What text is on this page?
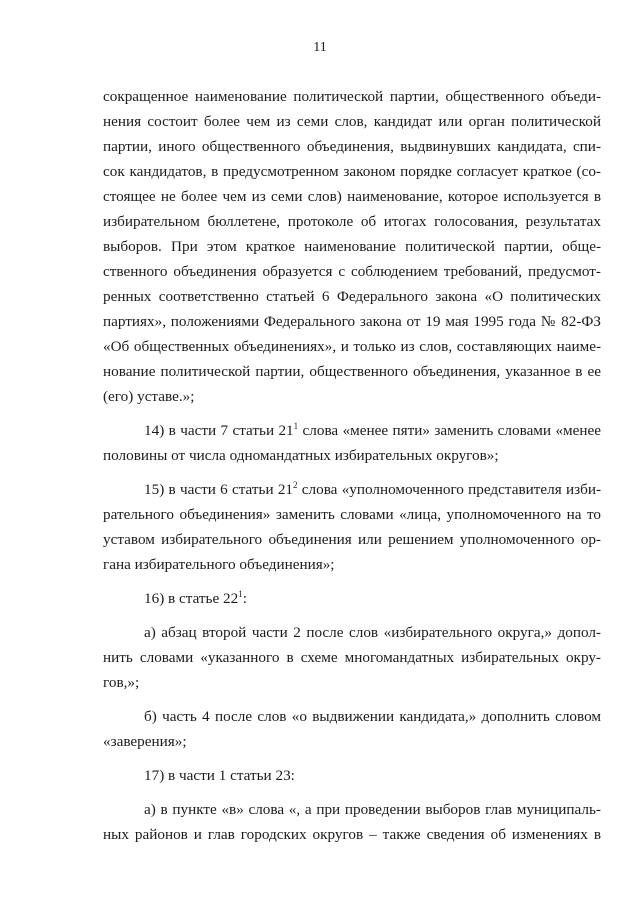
11
сокращенное наименование политической партии, общественного объеди-
нения состоит более чем из семи слов, кандидат или орган политической
партии, иного общественного объединения, выдвинувших кандидата, спи-
сок кандидатов, в предусмотренном законом порядке согласует краткое (со-
стоящее не более чем из семи слов) наименование, которое используется в
избирательном бюллетене, протоколе об итогах голосования, результатах
выборов. При этом краткое наименование политической партии, обще-
ственного объединения образуется с соблюдением требований, предусмот-
ренных соответственно статьей 6 Федерального закона «О политических
партиях», положениями Федерального закона от 19 мая 1995 года № 82-ФЗ
«Об общественных объединениях», и только из слов, составляющих наиме-
нование политической партии, общественного объединения, указанное в ее
(его) уставе.»;
14) в части 7 статьи $21^1$ слова «менее пяти» заменить словами «менее
половины от числа одномандатных избирательных округов»;
15) в части 6 статьи $21^2$ слова «уполномоченного представителя изби-
рательного объединения» заменить словами «лица, уполномоченного на то
уставом избирательного объединения или решением уполномоченного ор-
гана избирательного объединения»;
16) в статье $22^1$:
а) абзац второй части 2 после слов «избирательного округа,» допол-
нить словами «указанного в схеме многомандатных избирательных окру-
гов,»;
б) часть 4 после слов «о выдвижении кандидата,» дополнить словом
«заверения»;
17) в части 1 статьи 23:
а) в пункте «в» слова «, а при проведении выборов глав муниципаль-
ных районов и глав городских округов – также сведения об изменениях в
